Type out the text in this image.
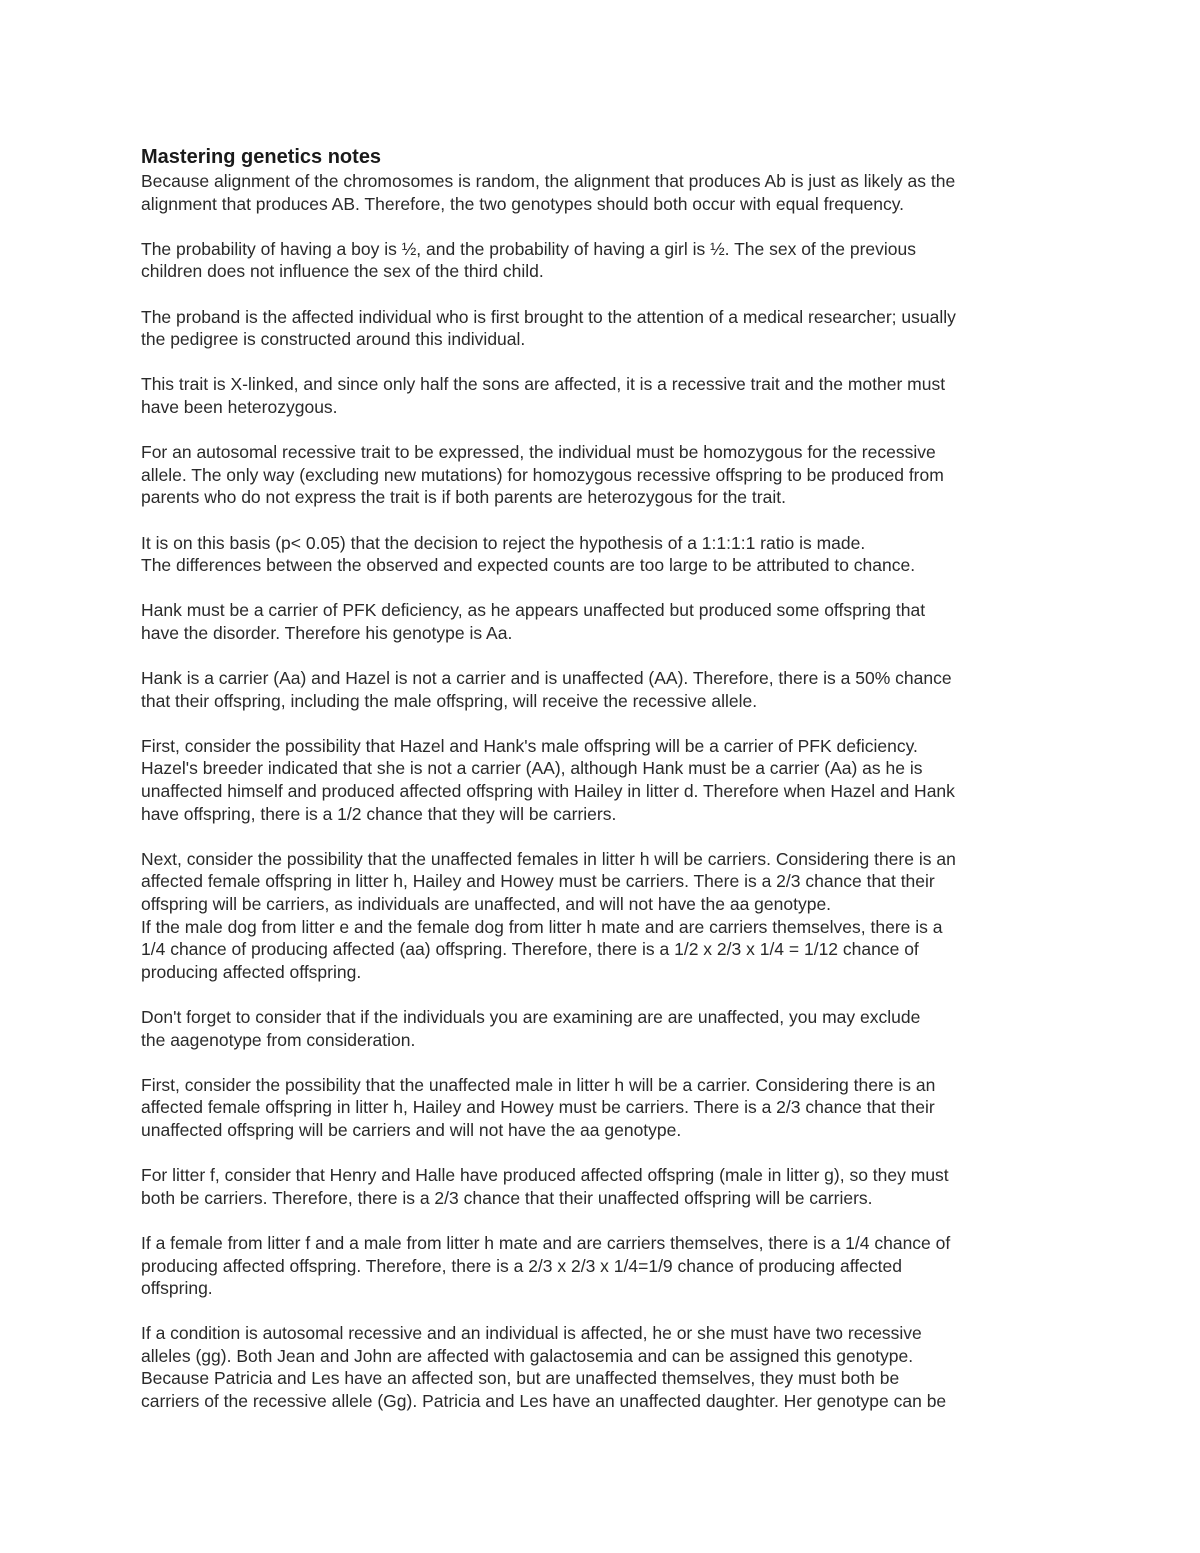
Mastering genetics notes

Because alignment of the chromosomes is random, the alignment that produces Ab is just as likely as the
alignment that produces AB. Therefore, the two genotypes should both occur with equal frequency.

The probability of having a boy is ½, and the probability of having a girl is ½. The sex of the previous
children does not influence the sex of the third child.

The proband is the affected individual who is first brought to the attention of a medical researcher; usually
the pedigree is constructed around this individual.

This trait is X-linked, and since only half the sons are affected, it is a recessive trait and the mother must
have been heterozygous.

For an autosomal recessive trait to be expressed, the individual must be homozygous for the recessive
allele. The only way (excluding new mutations) for homozygous recessive offspring to be produced from
parents who do not express the trait is if both parents are heterozygous for the trait.

It is on this basis (p< 0.05) that the decision to reject the hypothesis of a 1:1:1:1 ratio is made.
The differences between the observed and expected counts are too large to be attributed to chance.

Hank must be a carrier of PFK deficiency, as he appears unaffected but produced some offspring that
have the disorder. Therefore his genotype is Aa.

Hank is a carrier (Aa) and Hazel is not a carrier and is unaffected (AA). Therefore, there is a 50% chance
that their offspring, including the male offspring, will receive the recessive allele.

First, consider the possibility that Hazel and Hank's male offspring will be a carrier of PFK deficiency.
Hazel's breeder indicated that she is not a carrier (AA), although Hank must be a carrier (Aa) as he is
unaffected himself and produced affected offspring with Hailey in litter d. Therefore when Hazel and Hank
have offspring, there is a 1/2 chance that they will be carriers.

Next, consider the possibility that the unaffected females in litter h will be carriers. Considering there is an
affected female offspring in litter h, Hailey and Howey must be carriers. There is a 2/3 chance that their
offspring will be carriers, as individuals are unaffected, and will not have the aa genotype.
If the male dog from litter e and the female dog from litter h mate and are carriers themselves, there is a
1/4 chance of producing affected (aa) offspring. Therefore, there is a 1/2 x 2/3 x 1/4 = 1/12 chance of
producing affected offspring.

Don't forget to consider that if the individuals you are examining are are unaffected, you may exclude
the aagenotype from consideration.

First, consider the possibility that the unaffected male in litter h will be a carrier. Considering there is an
affected female offspring in litter h, Hailey and Howey must be carriers. There is a 2/3 chance that their
unaffected offspring will be carriers and will not have the aa genotype.

For litter f, consider that Henry and Halle have produced affected offspring (male in litter g), so they must
both be carriers. Therefore, there is a 2/3 chance that their unaffected offspring will be carriers.

If a female from litter f and a male from litter h mate and are carriers themselves, there is a 1/4 chance of
producing affected offspring. Therefore, there is a 2/3 x 2/3 x 1/4=1/9 chance of producing affected
offspring.

If a condition is autosomal recessive and an individual is affected, he or she must have two recessive
alleles (gg). Both Jean and John are affected with galactosemia and can be assigned this genotype.
Because Patricia and Les have an affected son, but are unaffected themselves, they must both be
carriers of the recessive allele (Gg). Patricia and Les have an unaffected daughter. Her genotype can be
